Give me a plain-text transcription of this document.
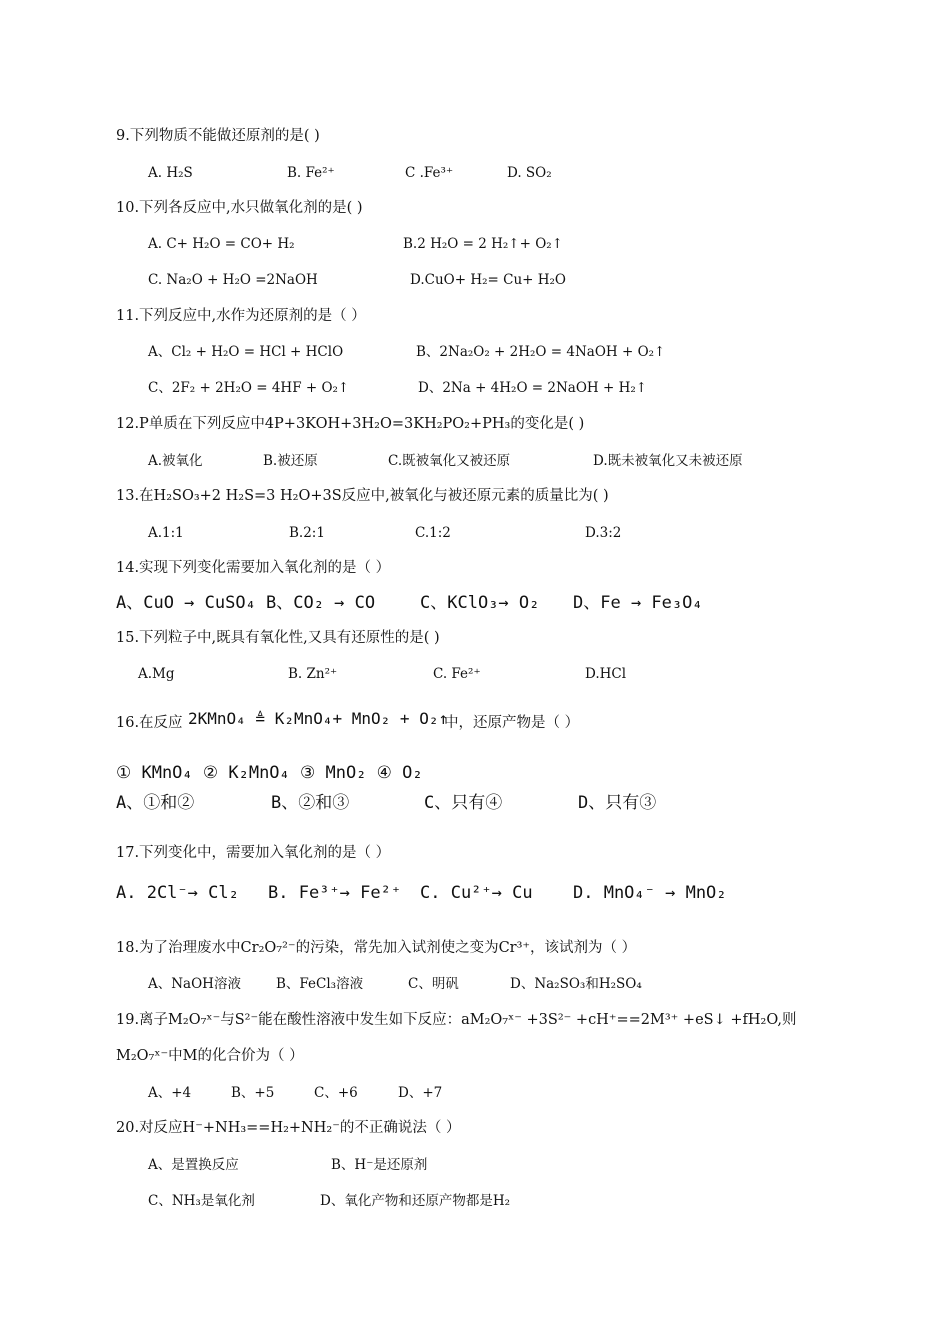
9.下列物质不能做还原剂的是( )
A. H₂S	B. Fe²⁺	C .Fe³⁺	D. SO₂
10.下列各反应中,水只做氧化剂的是( )
A. C+ H₂O = CO+ H₂	B.2 H₂O = 2 H₂↑+ O₂↑
C. Na₂O + H₂O =2NaOH	D.CuO+ H₂= Cu+ H₂O
11.下列反应中,水作为还原剂的是（ ）
A、Cl₂ + H₂O = HCl + HClO	B、2Na₂O₂ + 2H₂O = 4NaOH + O₂↑
C、2F₂ + 2H₂O = 4HF + O₂↑	D、2Na + 4H₂O = 2NaOH + H₂↑
12.P单质在下列反应中4P+3KOH+3H₂O=3KH₂PO₂+PH₃的变化是( )
A.被氧化	B.被还原	C.既被氧化又被还原	D.既未被氧化又未被还原
13.在H₂SO₃+2 H₂S=3 H₂O+3S反应中,被氧化与被还原元素的质量比为( )
A.1:1	B.2:1	C.1:2	D.3:2
14.实现下列变化需要加入氧化剂的是（ ）
A、CuO → CuSO₄ B、CO₂ → CO	C、KClO₃→ O₂ D、Fe → Fe₃O₄
15.下列粒子中,既具有氧化性,又具有还原性的是( )
A.Mg	B. Zn²⁺	C. Fe²⁺	D.HCl
16.在反应 2KMnO₄ ≜ K₂MnO₄+ MnO₂ + O₂↑
中，还原产物是（ ）
① KMnO₄ ② K₂MnO₄ ③ MnO₂ ④ O₂
A、①和②	B、②和③	C、只有④	D、只有③
17.下列变化中，需要加入氧化剂的是（ ）
A. 2Cl⁻→ Cl₂ B. Fe³⁺→ Fe²⁺ C. Cu²⁺→ Cu D. MnO₄⁻ → MnO₂
18.为了治理废水中Cr₂O₇²⁻的污染，常先加入试剂使之变为Cr³⁺，该试剂为（ ）
A、NaOH溶液	B、FeCl₃溶液	C、明矾	D、Na₂SO₃和H₂SO₄
19.离子M₂O₇ˣ⁻与S²⁻能在酸性溶液中发生如下反应：aM₂O₇ˣ⁻ +3S²⁻ +cH⁺==2M³⁺ +eS↓ +fH₂O,则
M₂O₇ˣ⁻中M的化合价为（ ）
A、+4	B、+5	C、+6	D、+7
20.对反应H⁻+NH₃==H₂+NH₂⁻的不正确说法（ ）
A、是置换反应	B、H⁻是还原剂
C、NH₃是氧化剂	D、氧化产物和还原产物都是H₂
